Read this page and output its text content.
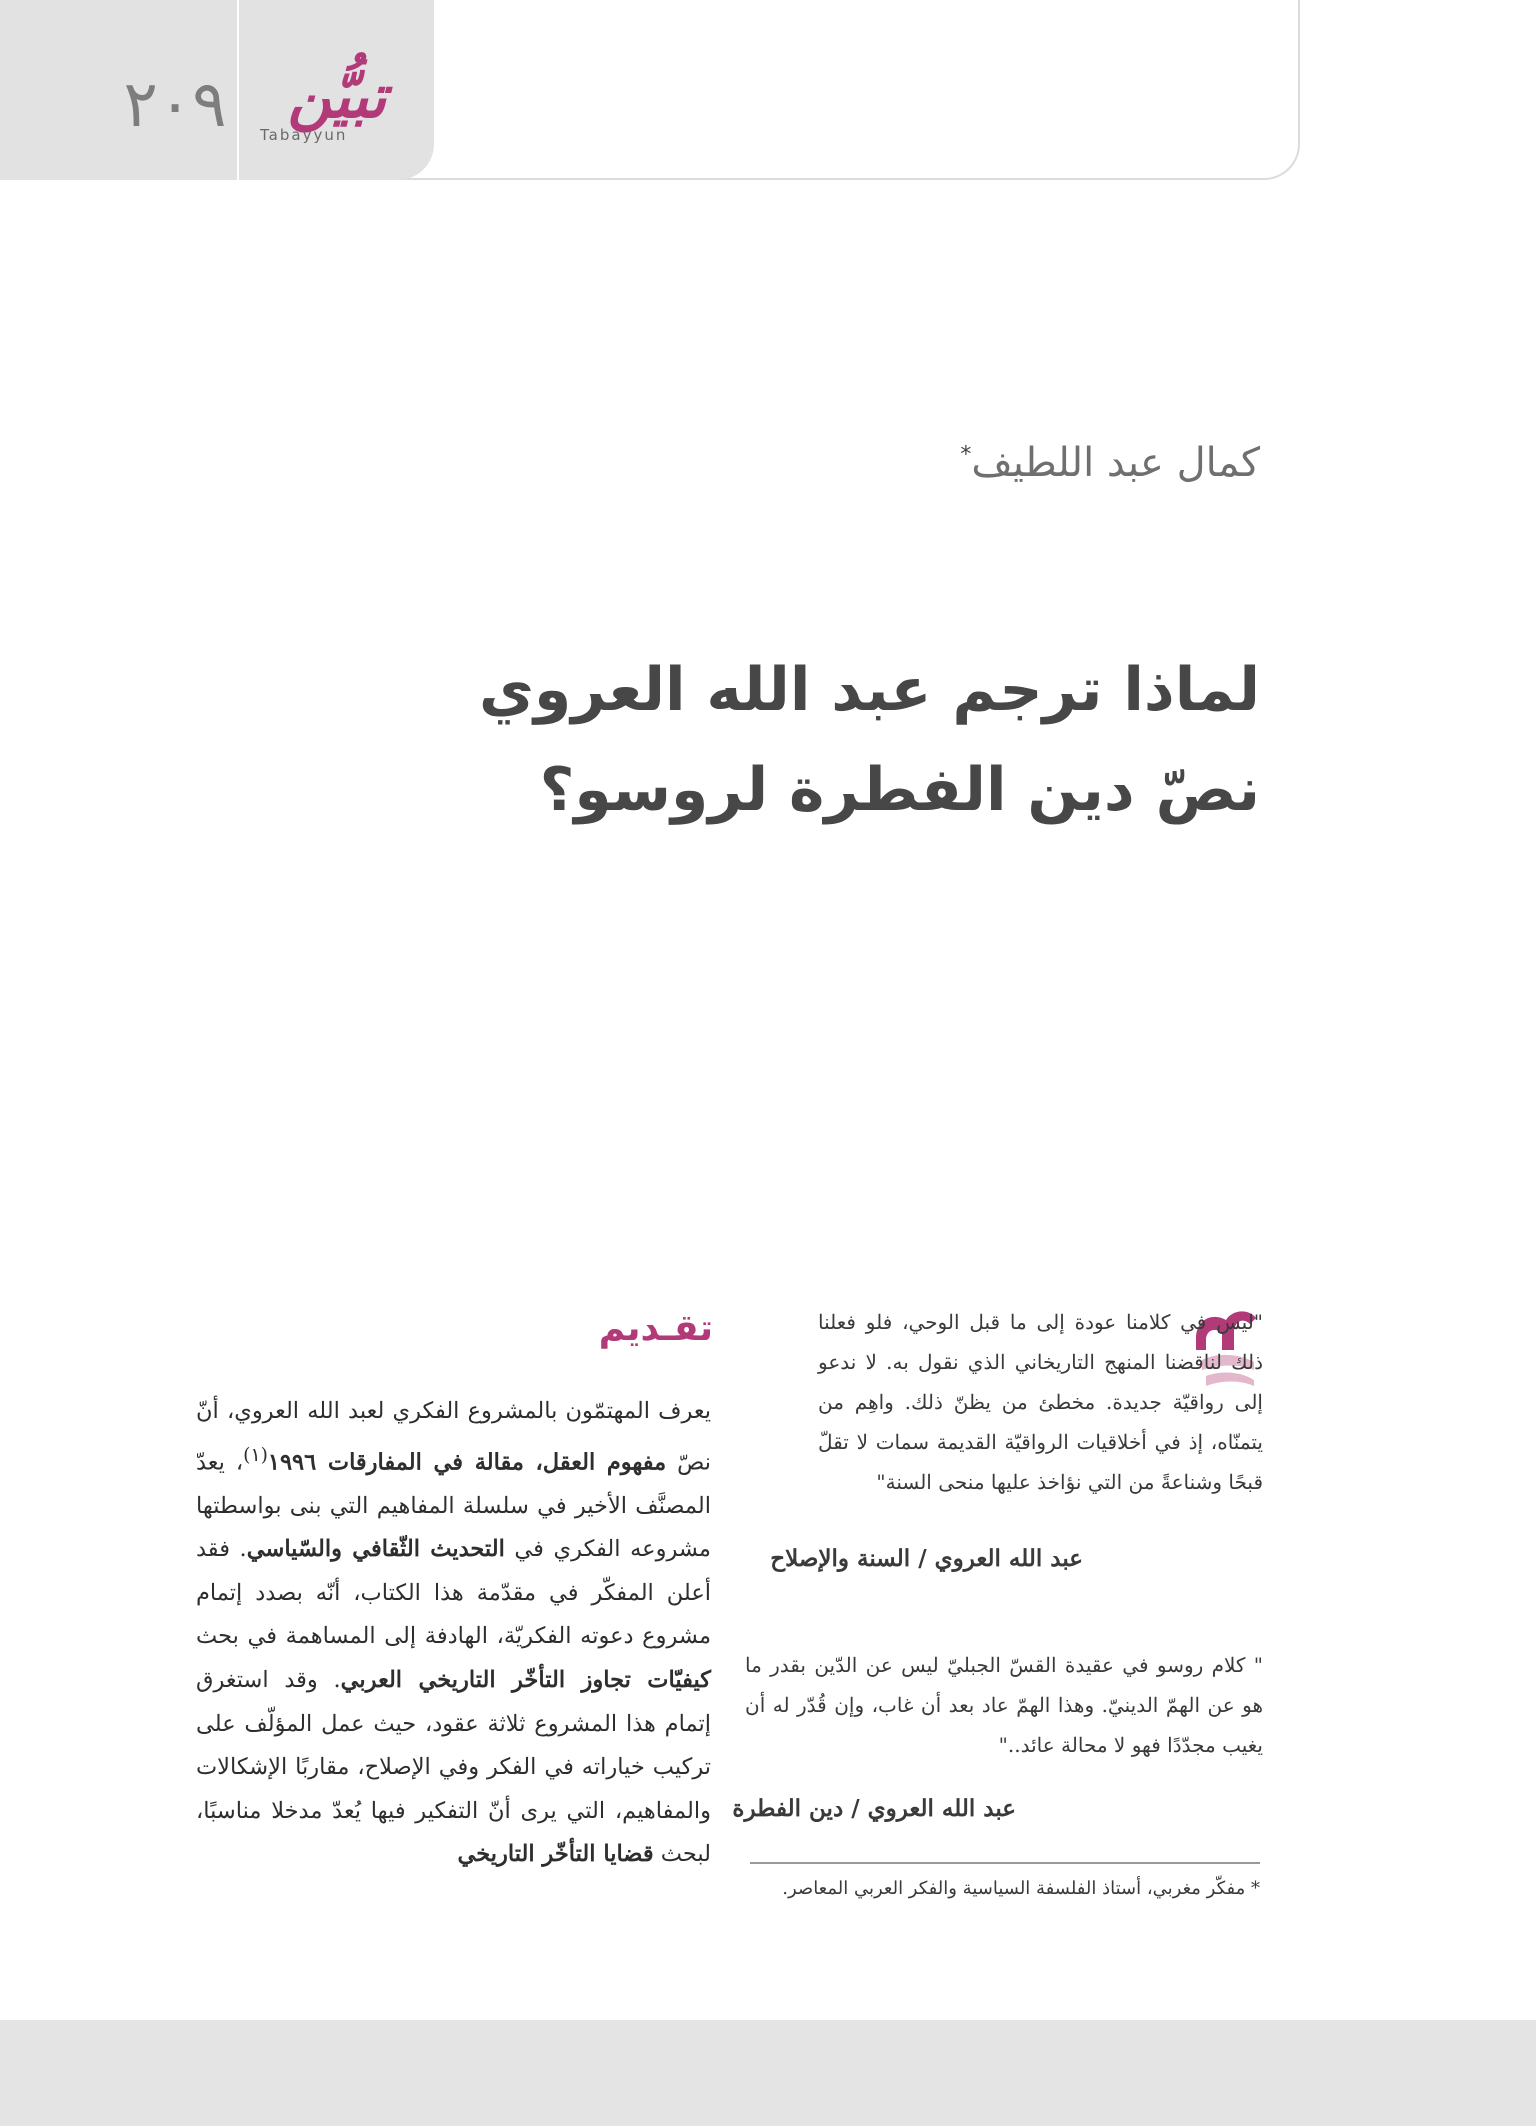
٢٠٩	تبيُّن
Tabayyun
كمال عبد اللطيف*
لماذا ترجم عبد الله العروي
نصّ دين الفطرة لروسو؟
"ليس في كلامنا عودة إلى ما قبل الوحي، فلو فعلنا ذلك لناقضنا المنهج التاريخاني الذي نقول به. لا ندعو إلى رواقيّة جديدة. مخطئ من يظنّ ذلك. واهِم من يتمنّاه، إذ في أخلاقيات الرواقيّة القديمة سمات لا تقلّ قبحًا وشناعةً من التي نؤاخذ عليها منحى السنة"
عبد الله العروي / السنة والإصلاح
" كلام روسو في عقيدة القسّ الجبليّ ليس عن الدّين بقدر ما هو عن الهمّ الدينيّ. وهذا الهمّ عاد بعد أن غاب، وإن قُدّر له أن يغيب مجدّدًا فهو لا محالة عائد.."
عبد الله العروي / دين الفطرة
* مفكّر مغربي، أستاذ الفلسفة السياسية والفكر العربي المعاصر.
تقـديم
يعرف المهتمّون بالمشروع الفكري لعبد الله العروي، أنّ نصّ مفهوم العقل، مقالة في المفارقات ١٩٩٦$^{(١)}$، يعدّ المصنَّف الأخير في سلسلة المفاهيم التي بنى بواسطتها مشروعه الفكري في التحديث الثّقافي والسّياسي. فقد أعلن المفكّر في مقدّمة هذا الكتاب، أنّه بصدد إتمام مشروع دعوته الفكريّة، الهادفة إلى المساهمة في بحث كيفيّات تجاوز التأخّر التاريخي العربي. وقد استغرق إتمام هذا المشروع ثلاثة عقود، حيث عمل المؤلّف على تركيب خياراته في الفكر وفي الإصلاح، مقاربًا الإشكالات والمفاهيم، التي يرى أنّ التفكير فيها يُعدّ مدخلا مناسبًا، لبحث قضايا التأخّر التاريخي
